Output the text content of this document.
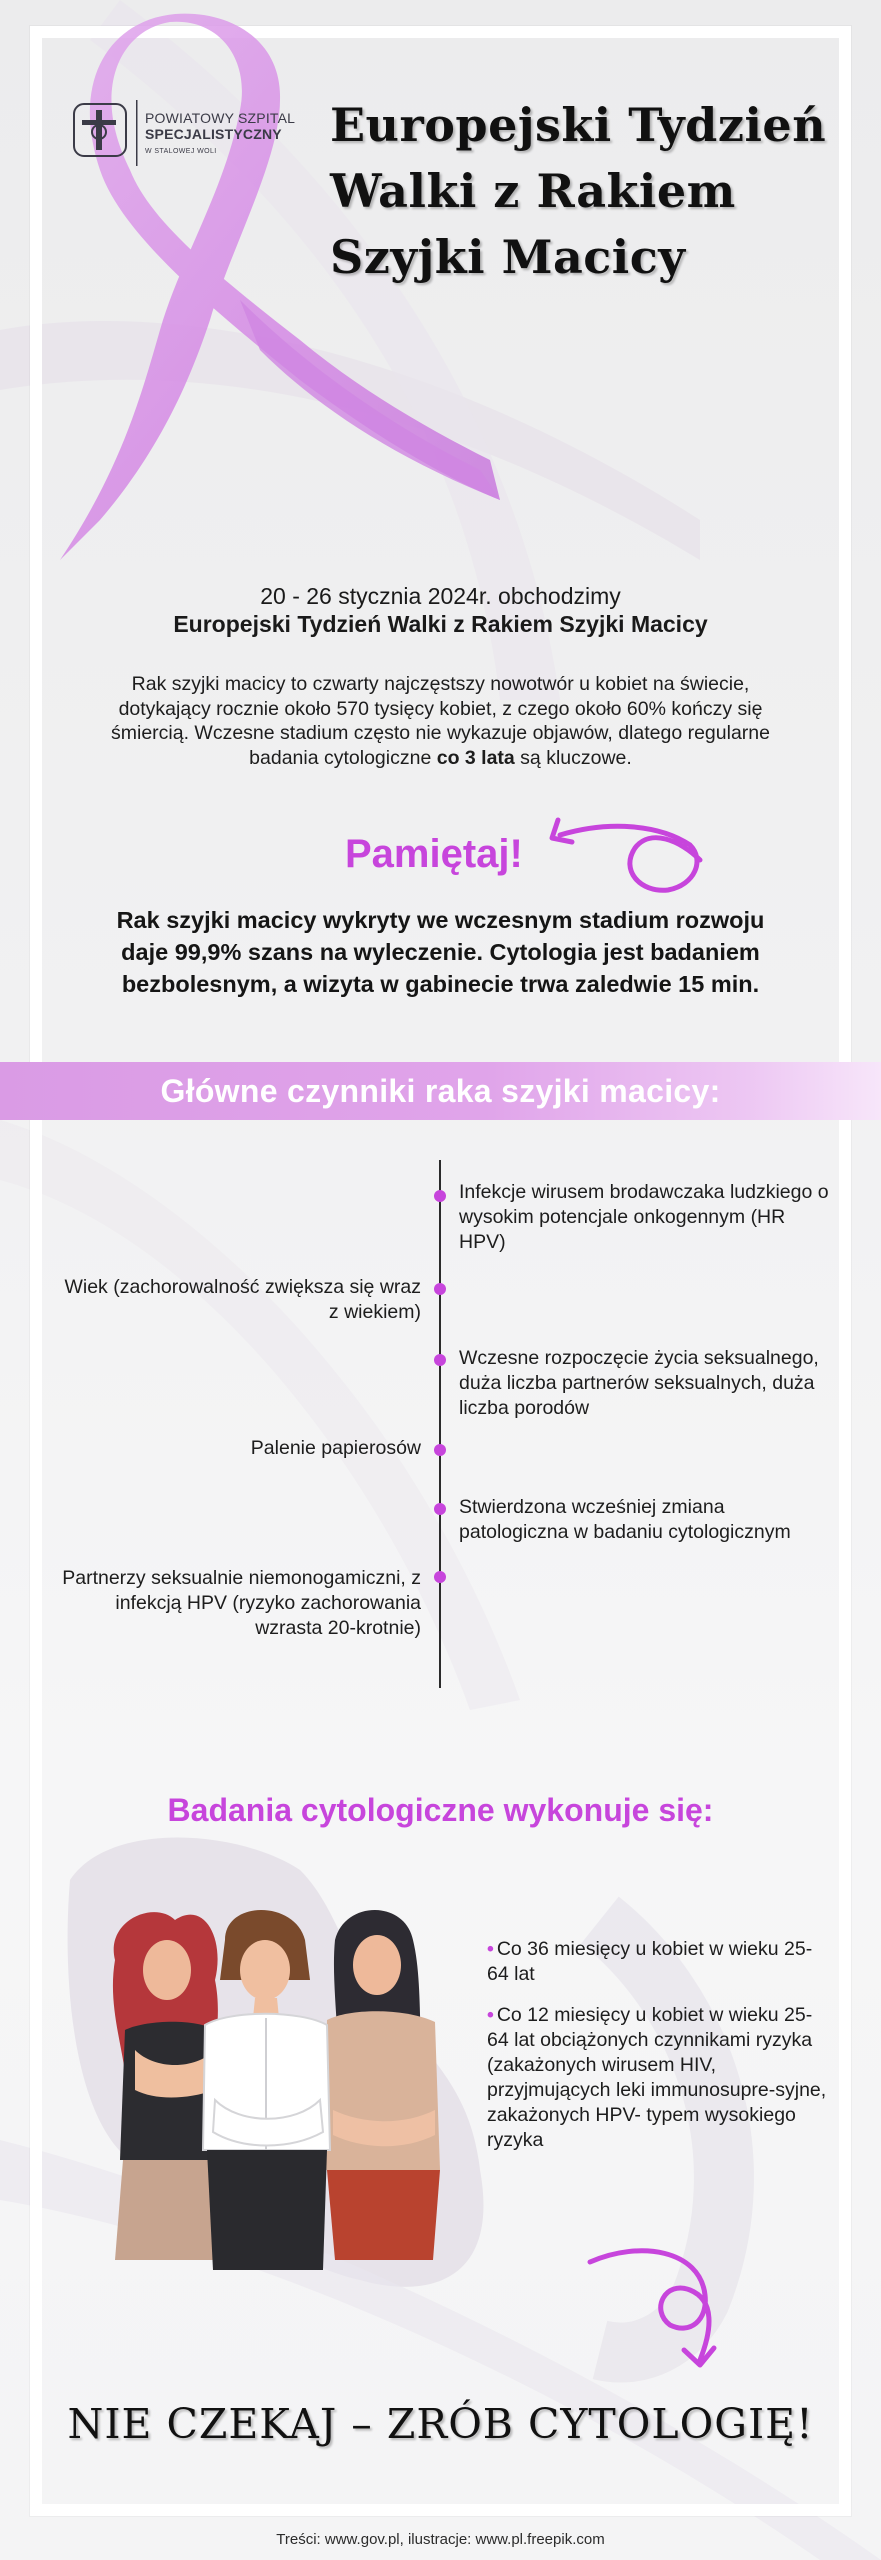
POWIATOWY SZPITAL
SPECJALISTYCZNY
W STALOWEJ WOLI	Europejski Tydzień
Walki z Rakiem
Szyjki Macicy
20 - 26 stycznia 2024r. obchodzimy
Europejski Tydzień Walki z Rakiem Szyjki Macicy

Rak szyjki macicy to czwarty najczęstszy nowotwór u kobiet na świecie, dotykający rocznie około 570 tysięcy kobiet, z czego około 60% kończy się śmiercią. Wczesne stadium często nie wykazuje objawów, dlatego regularne badania cytologiczne co 3 lata są kluczowe.

Pamiętaj!

Rak szyjki macicy wykryty we wczesnym stadium rozwoju daje 99,9% szans na wyleczenie. Cytologia jest badaniem bezbolesnym, a wizyta w gabinecie trwa zaledwie 15 min.

Główne czynniki raka szyjki macicy:
Infekcje wirusem brodawczaka ludzkiego o wysokim potencjale onkogennym (HR HPV)
Wiek (zachorowalność zwiększa się wraz z wiekiem)
Wczesne rozpoczęcie życia seksualnego, duża liczba partnerów seksualnych, duża liczba porodów
Palenie papierosów
Stwierdzona wcześniej zmiana patologiczna w badaniu cytologicznym
Partnerzy seksualnie niemonogamiczni, z infekcją HPV (ryzyko zachorowania wzrasta 20-krotnie)
Badania cytologiczne wykonuje się:
• Co 36 miesięcy u kobiet w wieku 25-64 lat
• Co 12 miesięcy u kobiet w wieku 25-64 lat obciążonych czynnikami ryzyka (zakażonych wirusem HIV, przyjmujących leki immunosupre-syjne, zakażonych HPV- typem wysokiego ryzyka
NIE CZEKAJ – ZRÓB CYTOLOGIĘ!
Treści: www.gov.pl, ilustracje: www.pl.freepik.com
